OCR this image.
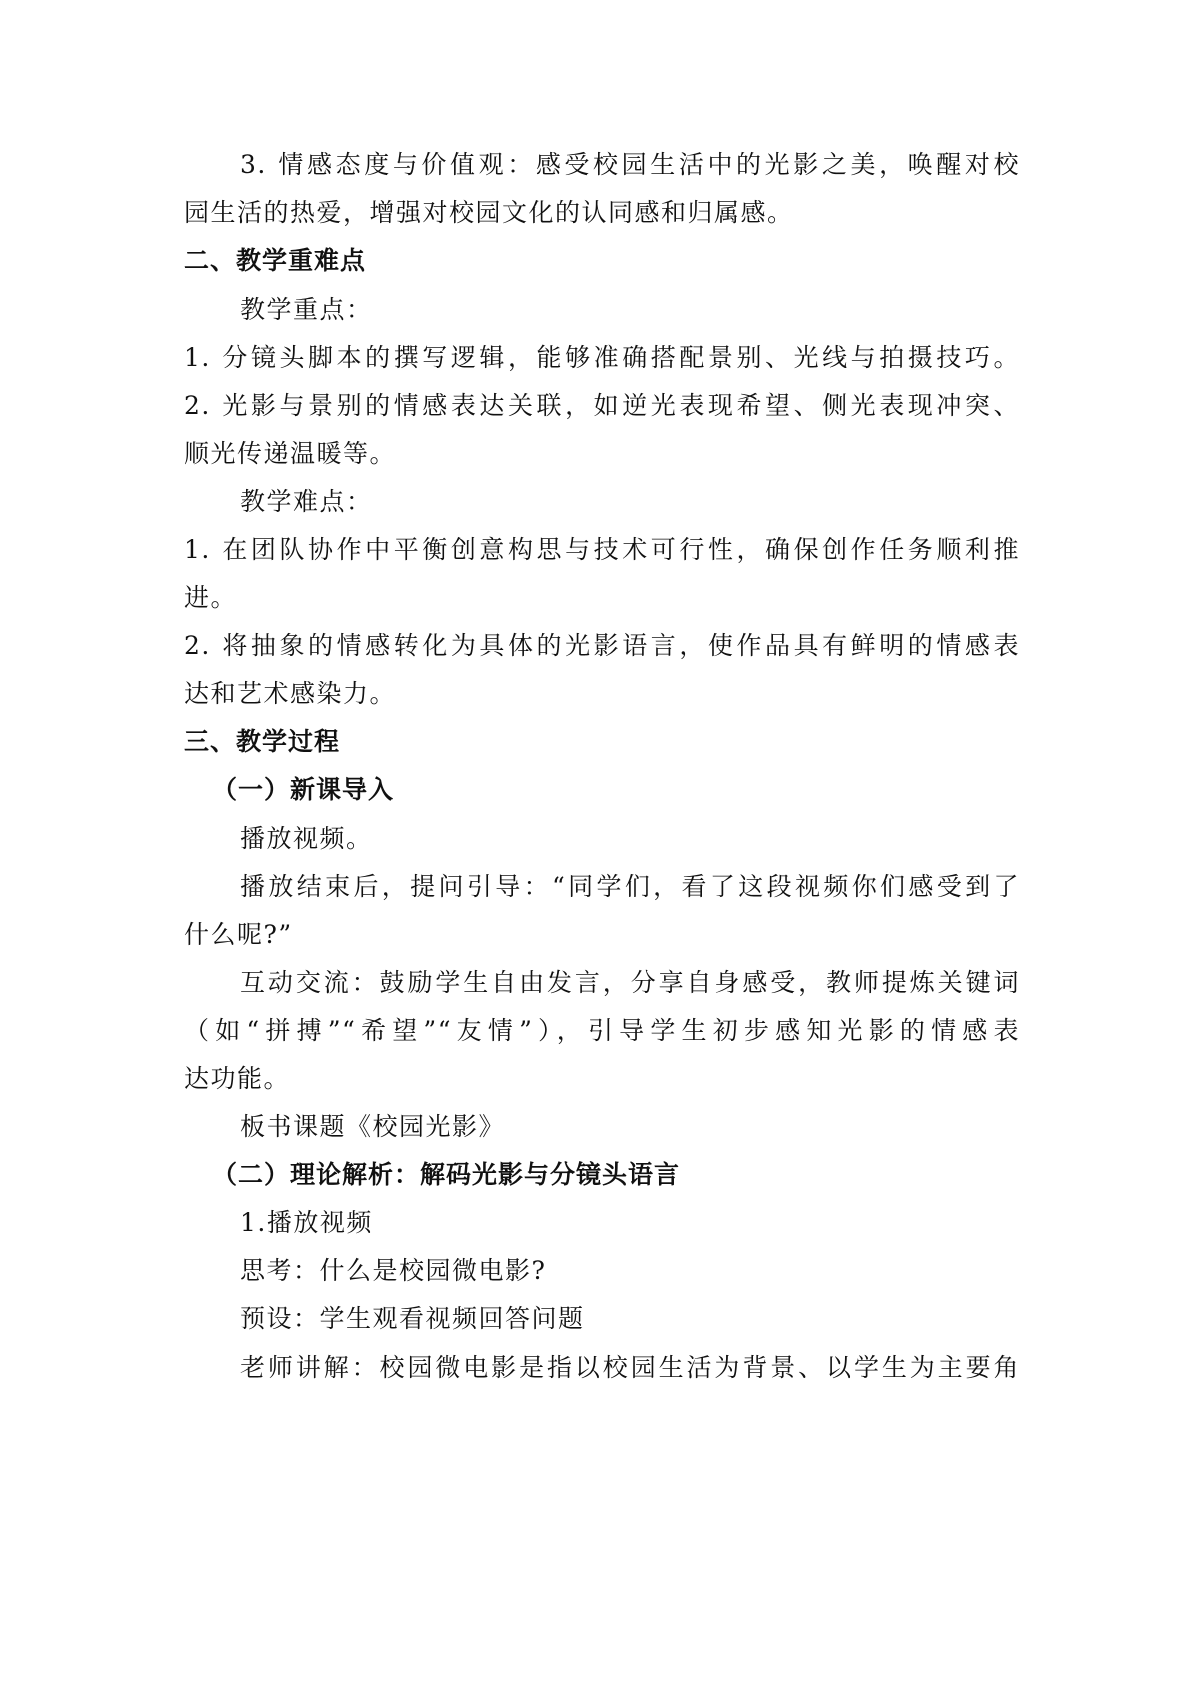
3. 情感态度与价值观：感受校园生活中的光影之美，唤醒对校
园生活的热爱，增强对校园文化的认同感和归属感。
二、教学重难点
教学重点：
1. 分镜头脚本的撰写逻辑，能够准确搭配景别、光线与拍摄技巧。
2. 光影与景别的情感表达关联，如逆光表现希望、侧光表现冲突、
顺光传递温暖等。
教学难点：
1. 在团队协作中平衡创意构思与技术可行性，确保创作任务顺利推
进。
2. 将抽象的情感转化为具体的光影语言，使作品具有鲜明的情感表
达和艺术感染力。
三、教学过程
（一）新课导入
播放视频。
播放结束后，提问引导：“同学们，看了这段视频你们感受到了
什么呢?”
互动交流：鼓励学生自由发言，分享自身感受，教师提炼关键词
（如“拼搏”“希望”“友情”），引导学生初步感知光影的情感表
达功能。
板书课题《校园光影》
（二）理论解析：解码光影与分镜头语言
1.播放视频
思考：什么是校园微电影?
预设：学生观看视频回答问题
老师讲解：校园微电影是指以校园生活为背景、以学生为主要角
